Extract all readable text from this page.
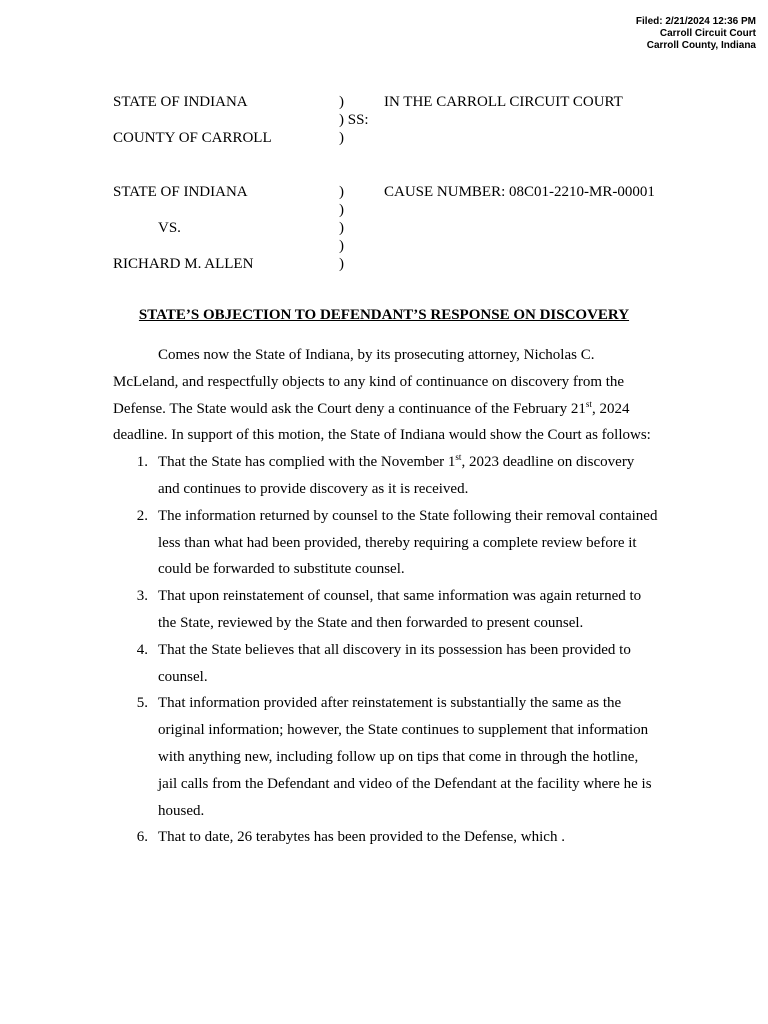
Filed: 2/21/2024 12:36 PM
Carroll Circuit Court
Carroll County, Indiana
STATE OF INDIANA
COUNTY OF CARROLL
)
) SS:
)
IN THE CARROLL CIRCUIT COURT
STATE OF INDIANA
VS.
RICHARD M. ALLEN
)
)
)
)
)
CAUSE NUMBER: 08C01-2210-MR-00001
STATE’S OBJECTION TO DEFENDANT’S RESPONSE ON DISCOVERY

Comes now the State of Indiana, by its prosecuting attorney, Nicholas C. McLeland, and respectfully objects to any kind of continuance on discovery from the Defense. The State would ask the Court deny a continuance of the February 21st, 2024 deadline. In support of this motion, the State of Indiana would show the Court as follows:

1. That the State has complied with the November 1st, 2023 deadline on discovery and continues to provide discovery as it is received.
2. The information returned by counsel to the State following their removal contained less than what had been provided, thereby requiring a complete review before it could be forwarded to substitute counsel.
3. That upon reinstatement of counsel, that same information was again returned to the State, reviewed by the State and then forwarded to present counsel.
4. That the State believes that all discovery in its possession has been provided to counsel.
5. That information provided after reinstatement is substantially the same as the original information; however, the State continues to supplement that information with anything new, including follow up on tips that come in through the hotline, jail calls from the Defendant and video of the Defendant at the facility where he is housed.
6. That to date, 26 terabytes has been provided to the Defense, which .
